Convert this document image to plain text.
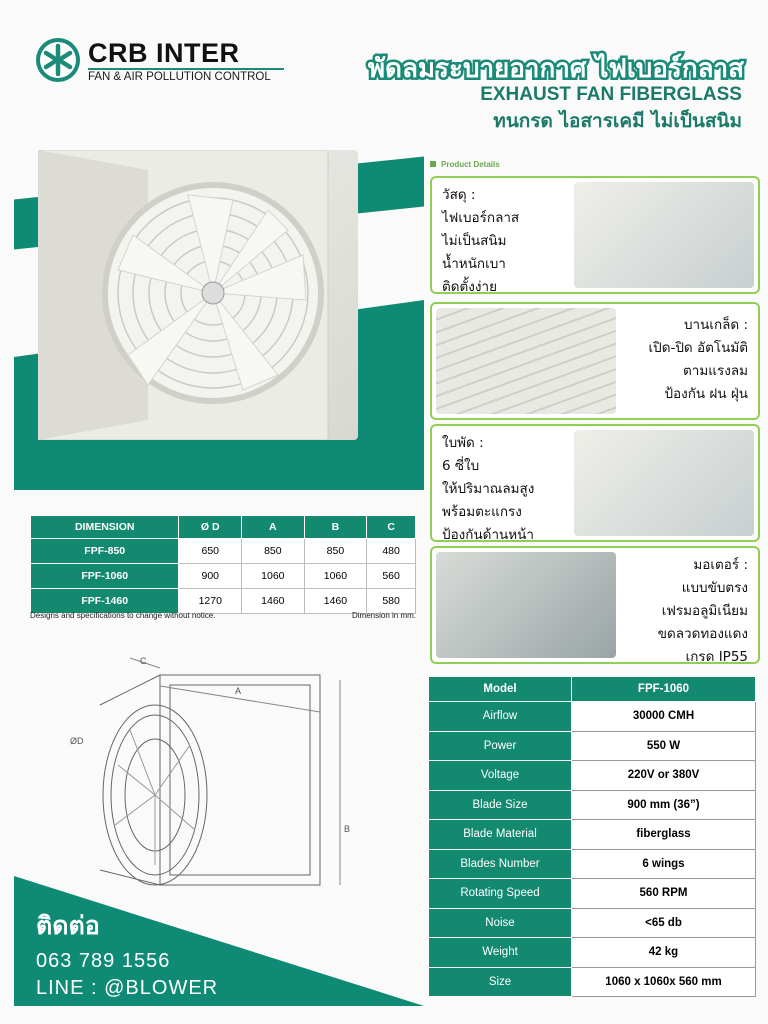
CRB INTER
FAN & AIR POLLUTION CONTROL	พัดลมระบายอากาศ ไฟเบอร์กลาส
EXHAUST FAN FIBERGLASS
ทนกรด ไอสารเคมี ไม่เป็นสนิม
DIMENSION	Ø D	A	B	C
FPF-850	650	850	850	480
FPF-1060	900	1060	1060	560
FPF-1460	1270	1460	1460	580
Designs and specifications to change without notice.	Dimension in mm.
C
A
ØD
B
ติดต่อ
063 789 1556
LINE : @BLOWER
Product Details
วัสดุ :
ไฟเบอร์กลาส
ไม่เป็นสนิม
น้ำหนักเบา
ติดตั้งง่าย
บานเกล็ด :
เปิด-ปิด อัตโนมัติ
ตามแรงลม
ป้องกัน ฝน ฝุ่น
ใบพัด :
6 ซี่ใบ
ให้ปริมาณลมสูง
พร้อมตะแกรง
ป้องกันด้านหน้า
มอเตอร์ :
แบบขับตรง
เฟรมอลูมิเนียม
ขดลวดทองแดง
เกรด IP55
Model	FPF-1060
Airflow	30000 CMH
Power	550 W
Voltage	220V or 380V
Blade Size	900 mm (36”)
Blade Material	fiberglass
Blades Number	6 wings
Rotating Speed	560 RPM
Noise	<65 db
Weight	42 kg
Size	1060 x 1060x 560 mm
